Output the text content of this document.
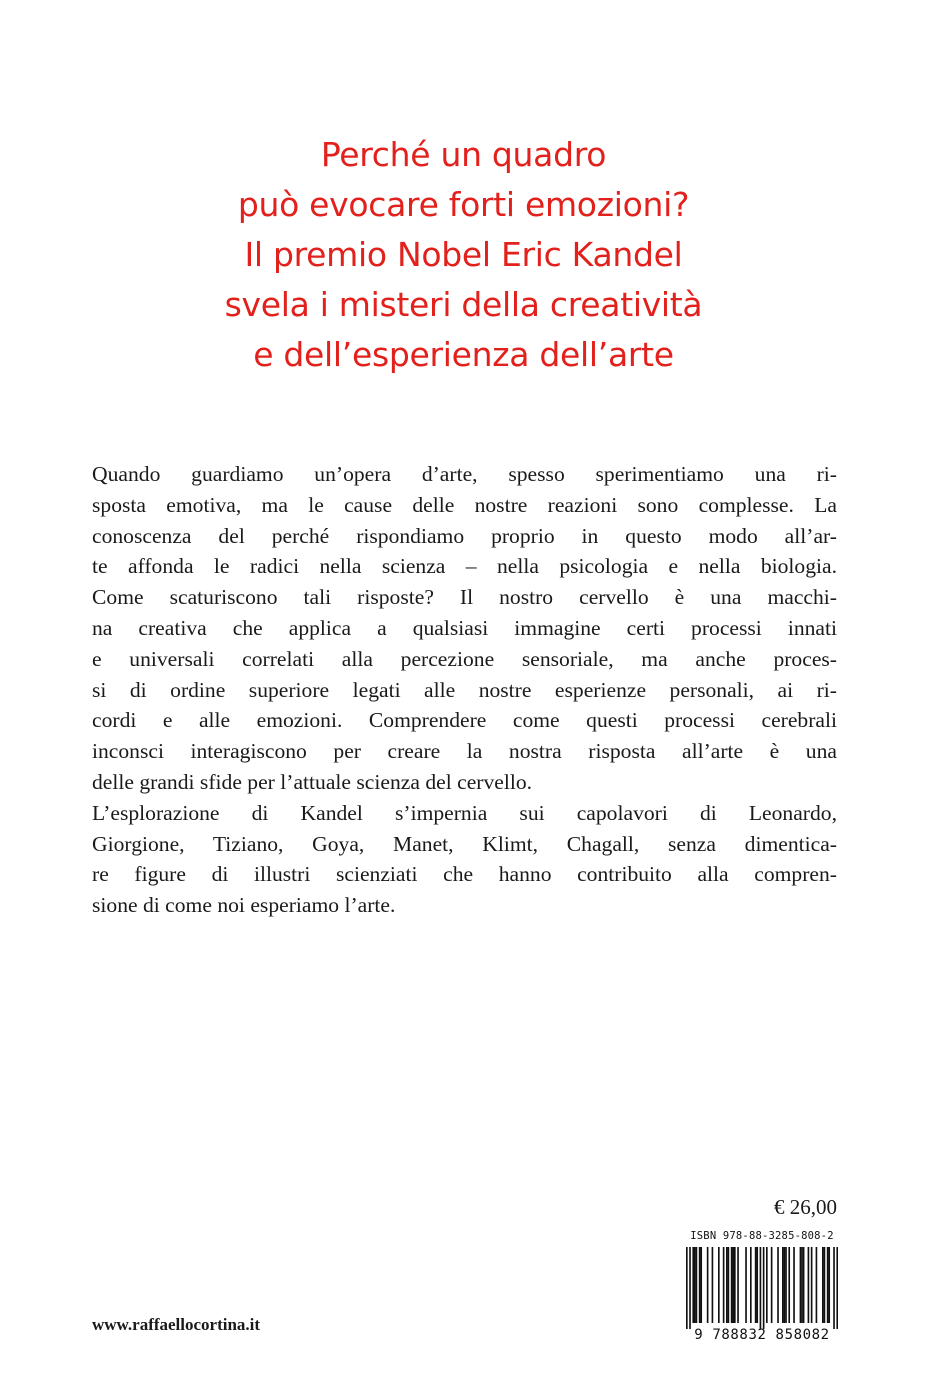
Perché un quadro
può evocare forti emozioni?
Il premio Nobel Eric Kandel
svela i misteri della creatività
e dell’esperienza dell’arte
Quando guardiamo un’opera d’arte, spesso sperimentiamo una ri-
sposta emotiva, ma le cause delle nostre reazioni sono complesse. La
conoscenza del perché rispondiamo proprio in questo modo all’ar-
te affonda le radici nella scienza – nella psicologia e nella biologia.
Come scaturiscono tali risposte? Il nostro cervello è una macchi-
na creativa che applica a qualsiasi immagine certi processi innati
e universali correlati alla percezione sensoriale, ma anche proces-
si di ordine superiore legati alle nostre esperienze personali, ai ri-
cordi e alle emozioni. Comprendere come questi processi cerebrali
inconsci interagiscono per creare la nostra risposta all’arte è una
delle grandi sfide per l’attuale scienza del cervello.
L’esplorazione di Kandel s’impernia sui capolavori di Leonardo,
Giorgione, Tiziano, Goya, Manet, Klimt, Chagall, senza dimentica-
re figure di illustri scienziati che hanno contribuito alla compren-
sione di come noi esperiamo l’arte.
€ 26,00
ISBN 978-88-3285-808-2
9 788832 858082
www.raffaellocortina.it
